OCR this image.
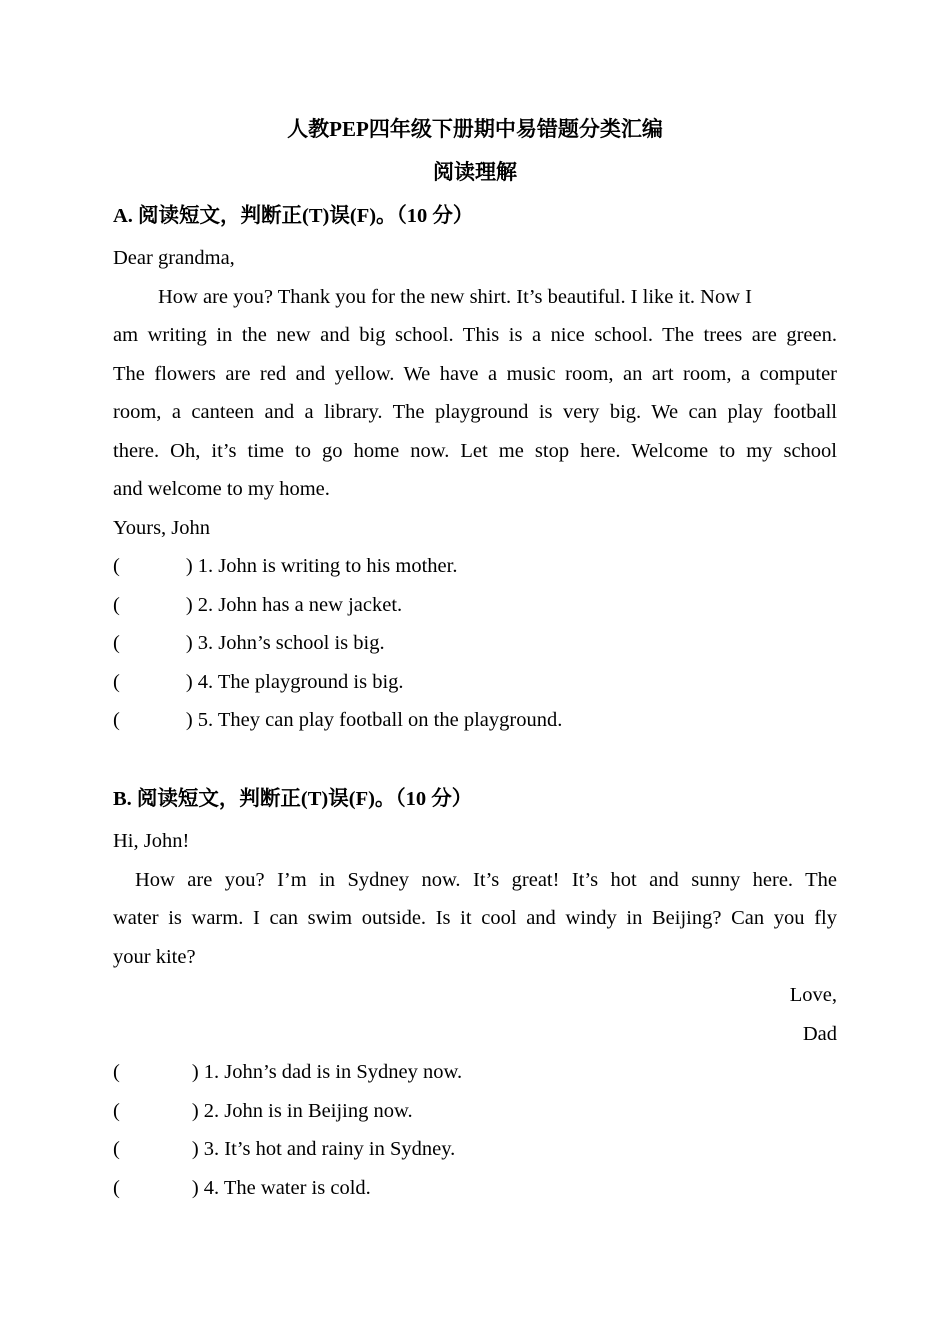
人教PEP四年级下册期中易错题分类汇编
阅读理解
A. 阅读短文，判断正(T)误(F)。（10 分）
Dear grandma,
How are you? Thank you for the new shirt. It’s beautiful. I like it. Now I
am writing in the new and big school. This is a nice school. The trees are green.
The flowers are red and yellow. We have a music room, an art room, a computer
room, a canteen and a library. The playground is very big. We can play football
there. Oh, it’s time to go home now. Let me stop here. Welcome to my school
and welcome to my home.
Yours, John
(	) 1. John is writing to his mother.
(	) 2. John has a new jacket.
(	) 3. John’s school is big.
(	) 4. The playground is big.
(	) 5. They can play football on the playground.
B. 阅读短文，判断正(T)误(F)。（10 分）
Hi, John!
How are you? I’m in Sydney now. It’s great! It’s hot and sunny here. The
water is warm. I can swim outside. Is it cool and windy in Beijing? Can you fly
your kite?
Love,
Dad
(	) 1. John’s dad is in Sydney now.
(	) 2. John is in Beijing now.
(	) 3. It’s hot and rainy in Sydney.
(	) 4. The water is cold.
